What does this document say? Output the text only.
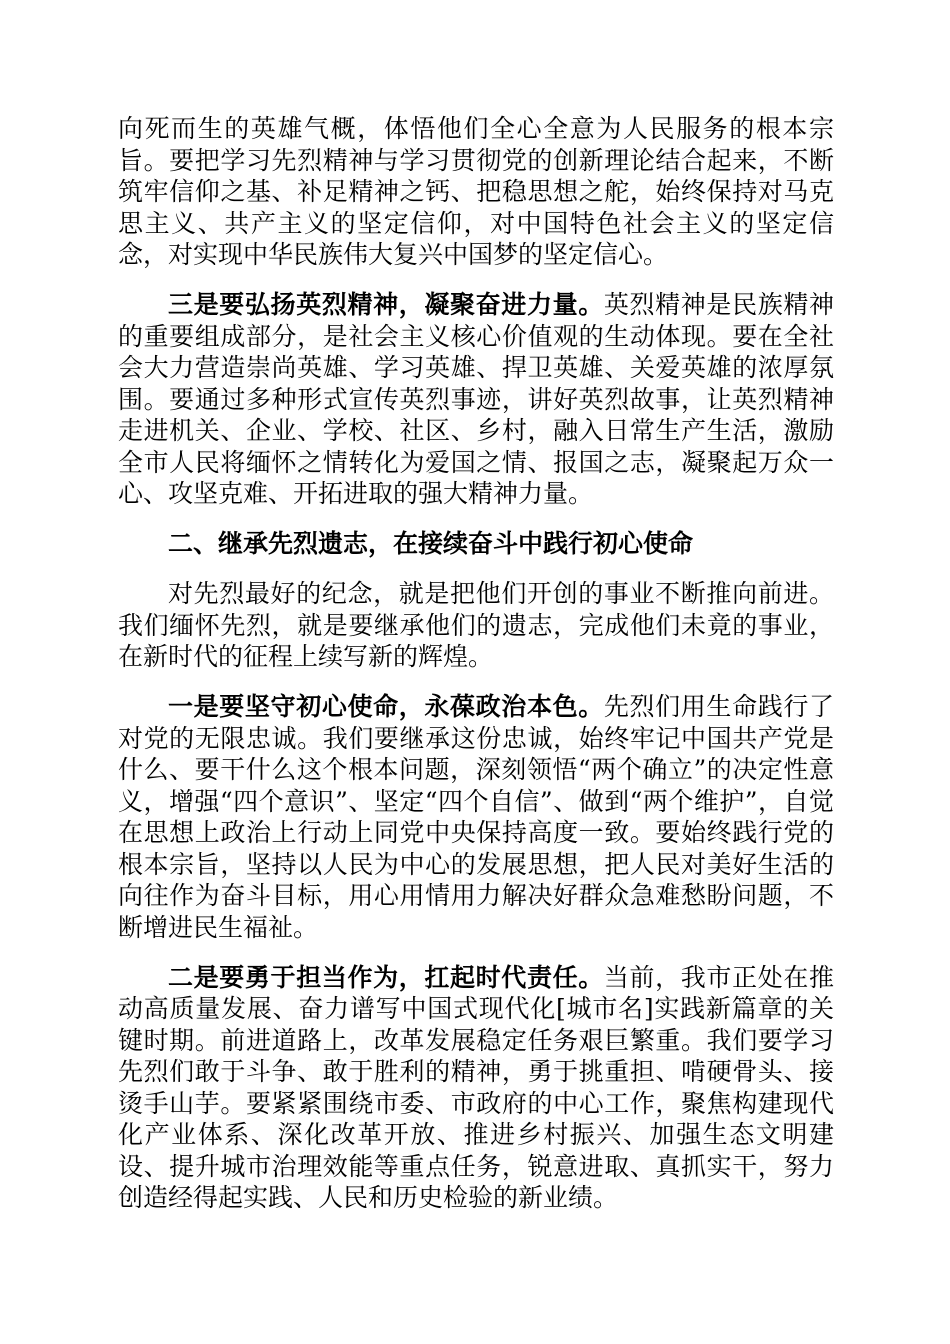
向死而生的英雄气概，体悟他们全心全意为人民服务的根本宗旨。要把学习先烈精神与学习贯彻党的创新理论结合起来，不断筑牢信仰之基、补足精神之钙、把稳思想之舵，始终保持对马克思主义、共产主义的坚定信仰，对中国特色社会主义的坚定信念，对实现中华民族伟大复兴中国梦的坚定信心。

三是要弘扬英烈精神，凝聚奋进力量。英烈精神是民族精神的重要组成部分，是社会主义核心价值观的生动体现。要在全社会大力营造崇尚英雄、学习英雄、捍卫英雄、关爱英雄的浓厚氛围。要通过多种形式宣传英烈事迹，讲好英烈故事，让英烈精神走进机关、企业、学校、社区、乡村，融入日常生产生活，激励全市人民将缅怀之情转化为爱国之情、报国之志，凝聚起万众一心、攻坚克难、开拓进取的强大精神力量。

二、继承先烈遗志，在接续奋斗中践行初心使命

对先烈最好的纪念，就是把他们开创的事业不断推向前进。我们缅怀先烈，就是要继承他们的遗志，完成他们未竟的事业，在新时代的征程上续写新的辉煌。

一是要坚守初心使命，永葆政治本色。先烈们用生命践行了对党的无限忠诚。我们要继承这份忠诚，始终牢记中国共产党是什么、要干什么这个根本问题，深刻领悟“两个确立”的决定性意义，增强“四个意识”、坚定“四个自信”、做到“两个维护”，自觉在思想上政治上行动上同党中央保持高度一致。要始终践行党的根本宗旨，坚持以人民为中心的发展思想，把人民对美好生活的向往作为奋斗目标，用心用情用力解决好群众急难愁盼问题，不断增进民生福祉。

二是要勇于担当作为，扛起时代责任。当前，我市正处在推动高质量发展、奋力谱写中国式现代化[城市名]实践新篇章的关键时期。前进道路上，改革发展稳定任务艰巨繁重。我们要学习先烈们敢于斗争、敢于胜利的精神，勇于挑重担、啃硬骨头、接烫手山芋。要紧紧围绕市委、市政府的中心工作，聚焦构建现代化产业体系、深化改革开放、推进乡村振兴、加强生态文明建设、提升城市治理效能等重点任务，锐意进取、真抓实干，努力创造经得起实践、人民和历史检验的新业绩。
